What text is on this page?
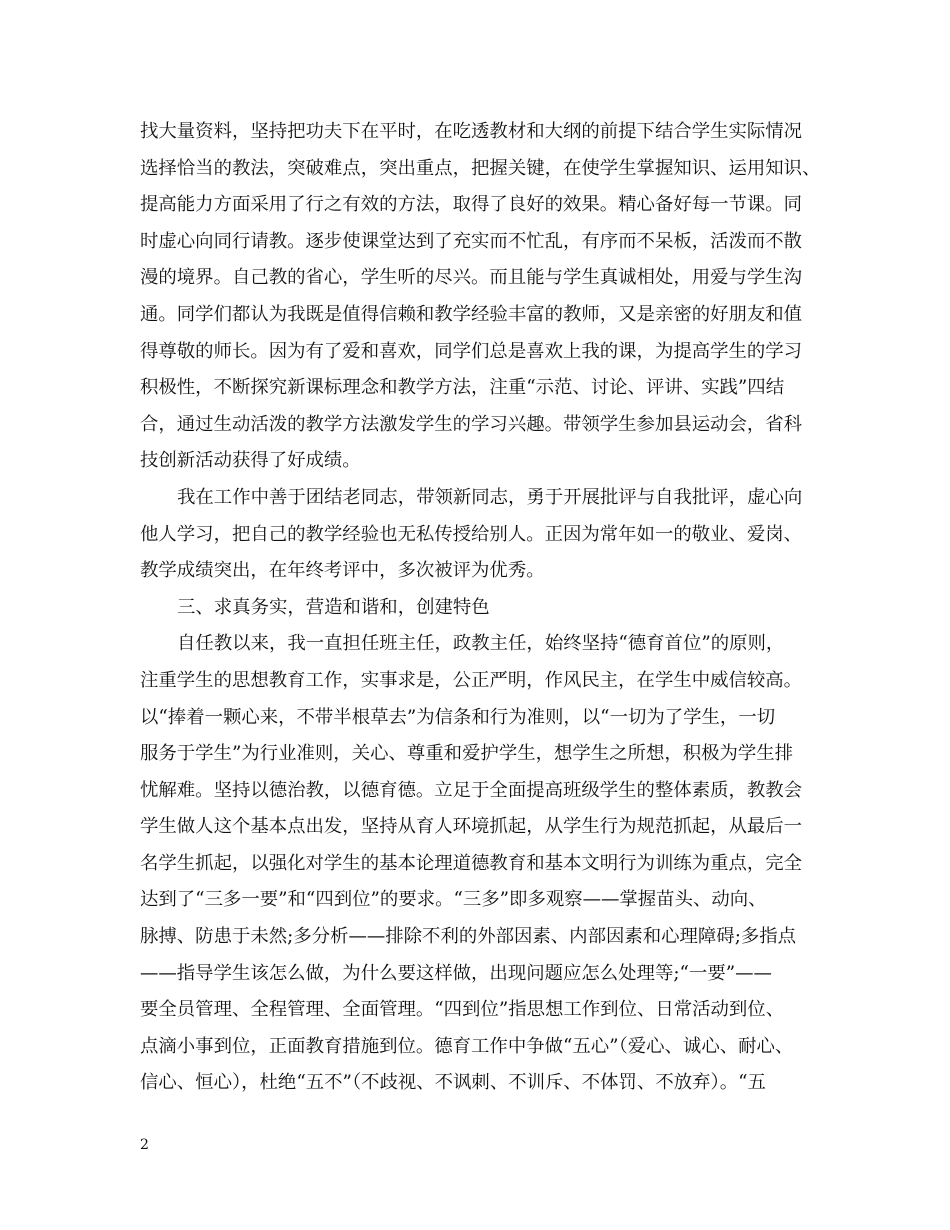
找大量资料，坚持把功夫下在平时，在吃透教材和大纲的前提下结合学生实际情况
选择恰当的教法，突破难点，突出重点，把握关键，在使学生掌握知识、运用知识、
提高能力方面采用了行之有效的方法，取得了良好的效果。精心备好每一节课。同
时虚心向同行请教。逐步使课堂达到了充实而不忙乱，有序而不呆板，活泼而不散
漫的境界。自己教的省心，学生听的尽兴。而且能与学生真诚相处，用爱与学生沟
通。同学们都认为我既是值得信赖和教学经验丰富的教师，又是亲密的好朋友和值
得尊敬的师长。因为有了爱和喜欢，同学们总是喜欢上我的课，为提高学生的学习
积极性，不断探究新课标理念和教学方法，注重“示范、讨论、评讲、实践”四结
合，通过生动活泼的教学方法激发学生的学习兴趣。带领学生参加县运动会，省科
技创新活动获得了好成绩。
我在工作中善于团结老同志，带领新同志，勇于开展批评与自我批评，虚心向
他人学习，把自己的教学经验也无私传授给别人。正因为常年如一的敬业、爱岗、
教学成绩突出，在年终考评中，多次被评为优秀。
三、求真务实，营造和谐和，创建特色
自任教以来，我一直担任班主任，政教主任，始终坚持“德育首位”的原则，
注重学生的思想教育工作，实事求是，公正严明，作风民主，在学生中威信较高。
以“捧着一颗心来，不带半根草去”为信条和行为准则，以“一切为了学生，一切
服务于学生”为行业准则，关心、尊重和爱护学生，想学生之所想，积极为学生排
忧解难。坚持以德治教，以德育德。立足于全面提高班级学生的整体素质，教教会
学生做人这个基本点出发，坚持从育人环境抓起，从学生行为规范抓起，从最后一
名学生抓起，以强化对学生的基本论理道德教育和基本文明行为训练为重点，完全
达到了“三多一要”和“四到位”的要求。“三多”即多观察——掌握苗头、动向、
脉搏、防患于未然;多分析——排除不利的外部因素、内部因素和心理障碍;多指点
——指导学生该怎么做，为什么要这样做，出现问题应怎么处理等;“一要”——
要全员管理、全程管理、全面管理。“四到位”指思想工作到位、日常活动到位、
点滴小事到位，正面教育措施到位。德育工作中争做“五心”（爱心、诚心、耐心、
信心、恒心），杜绝“五不”（不歧视、不讽刺、不训斥、不体罚、不放弃）。“五
2
